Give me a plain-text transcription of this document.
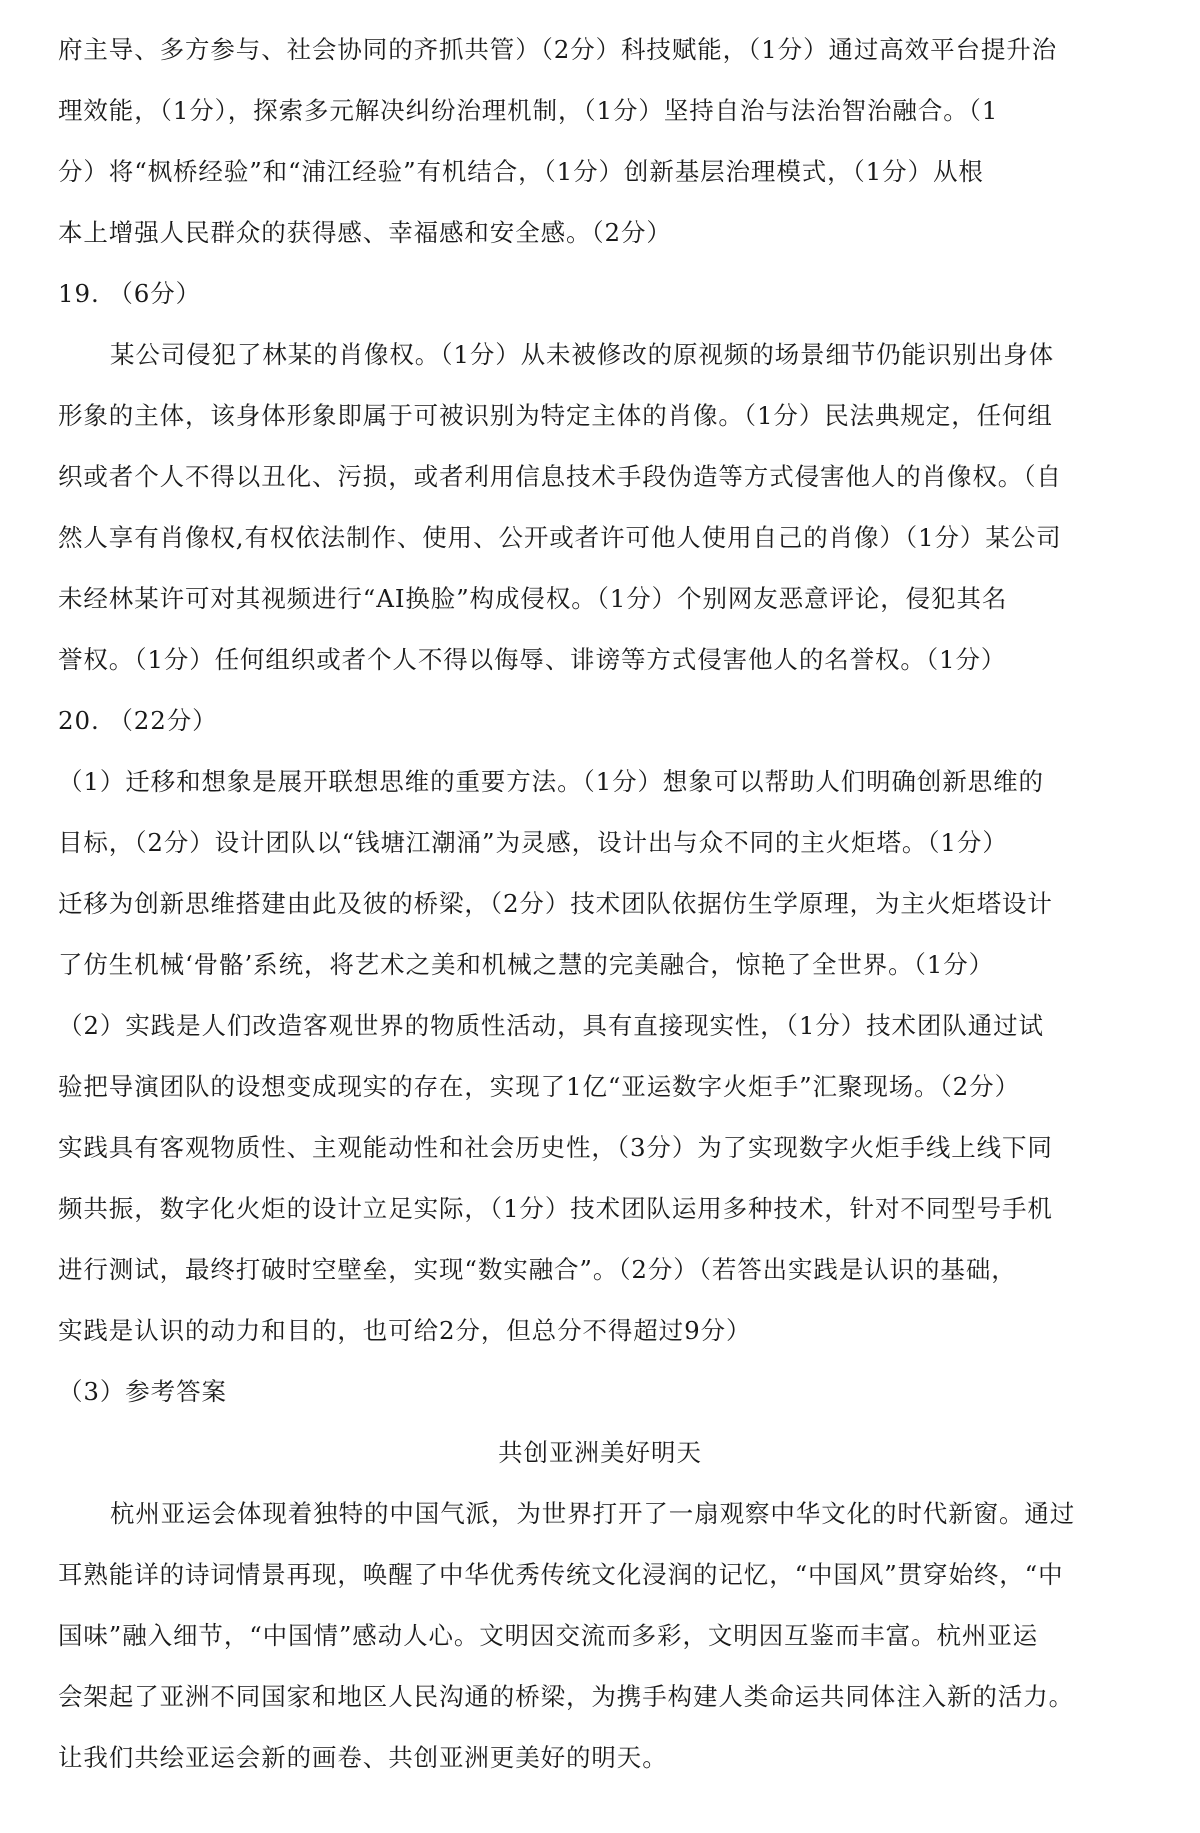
府主导、多方参与、社会协同的齐抓共管）（2分）科技赋能，（1分）通过高效平台提升治
理效能，（1分），探索多元解决纠纷治理机制，（1分）坚持自治与法治智治融合。（1
分）将“枫桥经验”和“浦江经验”有机结合，（1分）创新基层治理模式，（1分）从根
本上增强人民群众的获得感、幸福感和安全感。（2分）
19. （6分）
某公司侵犯了林某的肖像权。（1分）从未被修改的原视频的场景细节仍能识别出身体
形象的主体，该身体形象即属于可被识别为特定主体的肖像。（1分）民法典规定，任何组
织或者个人不得以丑化、污损，或者利用信息技术手段伪造等方式侵害他人的肖像权。（自
然人享有肖像权,有权依法制作、使用、公开或者许可他人使用自己的肖像）（1分）某公司
未经林某许可对其视频进行“AI换脸”构成侵权。（1分）个别网友恶意评论，侵犯其名
誉权。（1分）任何组织或者个人不得以侮辱、诽谤等方式侵害他人的名誉权。（1分）
20. （22分）
（1）迁移和想象是展开联想思维的重要方法。（1分）想象可以帮助人们明确创新思维的
目标，（2分）设计团队以“钱塘江潮涌”为灵感，设计出与众不同的主火炬塔。（1分）
迁移为创新思维搭建由此及彼的桥梁，（2分）技术团队依据仿生学原理，为主火炬塔设计
了仿生机械‘骨骼’系统，将艺术之美和机械之慧的完美融合，惊艳了全世界。（1分）
（2）实践是人们改造客观世界的物质性活动，具有直接现实性，（1分）技术团队通过试
验把导演团队的设想变成现实的存在，实现了1亿“亚运数字火炬手”汇聚现场。（2分）
实践具有客观物质性、主观能动性和社会历史性，（3分）为了实现数字火炬手线上线下同
频共振，数字化火炬的设计立足实际，（1分）技术团队运用多种技术，针对不同型号手机
进行测试，最终打破时空壁垒，实现“数实融合”。（2分）（若答出实践是认识的基础，
实践是认识的动力和目的，也可给2分，但总分不得超过9分）
（3）参考答案
共创亚洲美好明天
杭州亚运会体现着独特的中国气派，为世界打开了一扇观察中华文化的时代新窗。通过
耳熟能详的诗词情景再现，唤醒了中华优秀传统文化浸润的记忆，“中国风”贯穿始终，“中
国味”融入细节，“中国情”感动人心。文明因交流而多彩，文明因互鉴而丰富。杭州亚运
会架起了亚洲不同国家和地区人民沟通的桥梁，为携手构建人类命运共同体注入新的活力。
让我们共绘亚运会新的画卷、共创亚洲更美好的明天。
